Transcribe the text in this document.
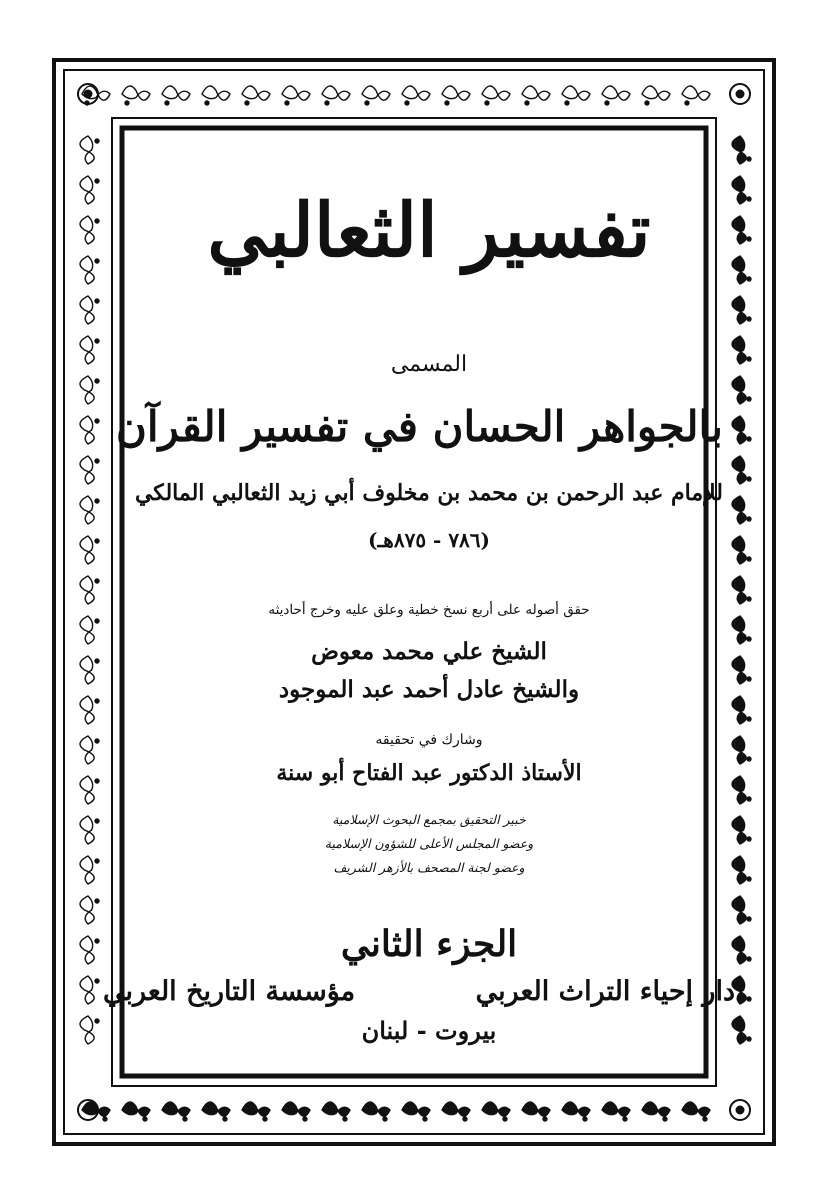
تفسير الثعالبي
المسمى
بالجواهر الحسان في تفسير القرآن
للإمام عبد الرحمن بن محمد بن مخلوف أبي زيد الثعالبي المالكي
(٧٨٦ - ٨٧٥هـ)
حقق أصوله على أربع نسخ خطية وعلق عليه وخرج أحاديثه
الشيخ علي محمد معوض
والشيخ عادل أحمد عبد الموجود
وشارك في تحقيقه
الأستاذ الدكتور عبد الفتاح أبو سنة
خبير التحقيق بمجمع البحوث الإسلامية
وعضو المجلس الأعلى للشؤون الإسلامية
وعضو لجنة المصحف بالأزهر الشريف
الجزء الثاني
دار إحياء التراث العربي
مؤسسة التاريخ العربي
بيروت - لبنان
